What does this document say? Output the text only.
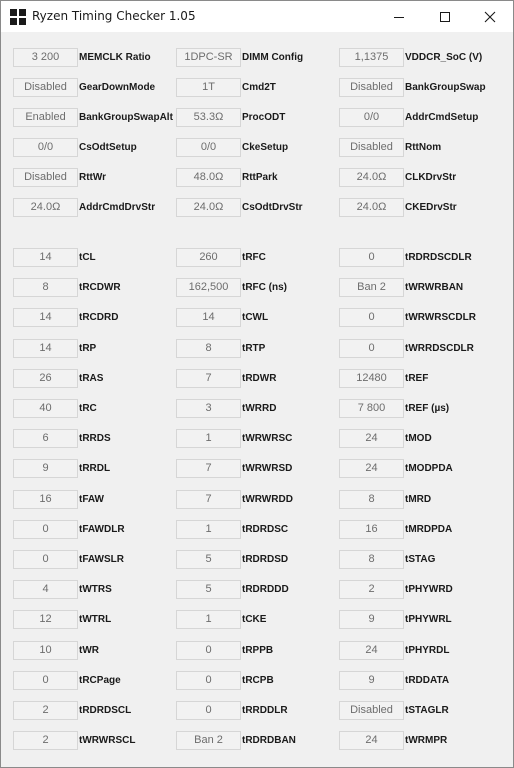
Ryzen Timing Checker 1.05
3 200	MEMCLK Ratio	1DPC-SR DIMM Config	1,1375	VDDCR_SoC (V)
Disabled	GearDownMode	1T	Cmd2T	Disabled	BankGroupSwap
Enabled	BankGroupSwapAlt	53.3Ω	ProcODT	0/0	AddrCmdSetup
0/0	CsOdtSetup	0/0	CkeSetup	Disabled	RttNom
Disabled	RttWr	48.0Ω	RttPark	24.0Ω	CLKDrvStr
24.0Ω	AddrCmdDrvStr	24.0Ω	CsOdtDrvStr	24.0Ω	CKEDrvStr
14	tCL	260	tRFC	0	tRDRDSCDLR
8	tRCDWR	162,500	tRFC (ns)	Ban 2	tWRWRBAN
14	tRCDRD	14	tCWL	0	tWRWRSCDLR
14	tRP	8	tRTP	0	tWRRDSCDLR
26	tRAS	7	tRDWR	12480	tREF
40	tRC	3	tWRRD	7 800	tREF (µs)
6	tRRDS	1	tWRWRSC	24	tMOD
9	tRRDL	7	tWRWRSD	24	tMODPDA
16	tFAW	7	tWRWRDD	8	tMRD
0	tFAWDLR	1	tRDRDSC	16	tMRDPDA
0	tFAWSLR	5	tRDRDSD	8	tSTAG
4	tWTRS	5	tRDRDDD	2	tPHYWRD
12	tWTRL	1	tCKE	9	tPHYWRL
10	tWR	0	tRPPB	24	tPHYRDL
0	tRCPage	0	tRCPB	9	tRDDATA
2	tRDRDSCL	0	tRRDDLR	Disabled	tSTAGLR
2	tWRWRSCL	Ban 2	tRDRDBAN	24	tWRMPR
